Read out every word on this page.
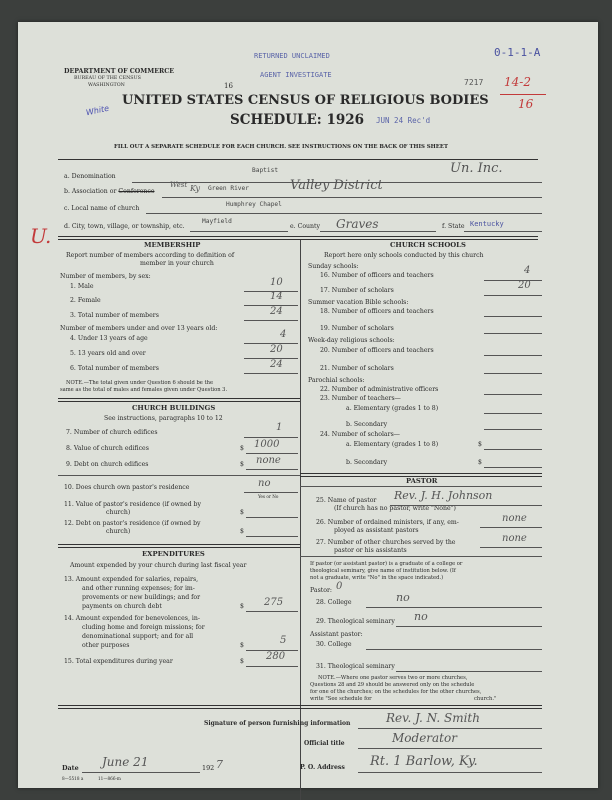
DEPARTMENT OF COMMERCE
BUREAU OF THE CENSUS
WASHINGTON	16
RETURNED UNCLAIMED
AGENT INVESTIGATE
7217
0-1-1-A
14-2
16
White
UNITED STATES CENSUS OF RELIGIOUS BODIES
SCHEDULE: 1926 JUN 24 Rec'd
FILL OUT A SEPARATE SCHEDULE FOR EACH CHURCH. SEE INSTRUCTIONS ON THE BACK OF THIS SHEET
a. Denomination
Baptist	Un. Inc.
b. Association or Conference
West Ky Green River	Valley District
c. Local name of church
Humphrey Chapel
d. City, town, village, or township, etc.
Mayfield
e. County Graves	f. State Kentucky
U.	MEMBERSHIP
Report number of members according to definition of
member in your church
Number of members, by sex:
1. Male	10
2. Female	14
3. Total number of members	24
Number of members under and over 13 years old:
4. Under 13 years of age	4
5. 13 years old and over	20
6. Total number of members	24
NOTE.—The total given under Question 6 should be the
same as the total of males and females given under Question 3.
CHURCH BUILDINGS
See instructions, paragraphs 10 to 12
7. Number of church edifices	1
8. Value of church edifices	$ 1000
9. Debt on church edifices	$ none
10. Does church own pastor's residence	no
Yes or No
11. Value of pastor's residence (if owned by
church)	$
12. Debt on pastor's residence (if owned by
church)	$
EXPENDITURES
Amount expended by your church during last fiscal year
13. Amount expended for salaries, repairs,
and other running expenses; for im-
provements or new buildings; and for
payments on church debt	$ 275
14. Amount expended for benevolences, in-
cluding home and foreign missions; for
denominational support; and for all
other purposes	$	5
15. Total expenditures during year	$ 280
CHURCH SCHOOLS
Report here only schools conducted by this church
Sunday schools:
16. Number of officers and teachers	4
17. Number of scholars	20
Summer vacation Bible schools:
18. Number of officers and teachers
19. Number of scholars
Week-day religious schools:
20. Number of officers and teachers
21. Number of scholars
Parochial schools:
22. Number of administrative officers
23. Number of teachers—
a. Elementary (grades 1 to 8)
b. Secondary
24. Number of scholars—
a. Elementary (grades 1 to 8)	$
b. Secondary	$
PASTOR
25. Name of pastor
(If church has no pastor, write "None")
Rev. J. H. Johnson
26. Number of ordained ministers, if any, em-
ployed as assistant pastors
none
27. Number of other churches served by the
pastor or his assistants
none
If pastor (or assistant pastor) is a graduate of a college or
theological seminary, give name of institution below. (If
not a graduate, write "No" in the space indicated.)
Pastor: 0
28. College	no
29. Theological seminary no
Assistant pastor:
30. College
31. Theological seminary
NOTE.—Where one pastor serves two or more churches,
Questions 28 and 29 should be answered only on the schedule
for one of the churches; on the schedules for the other churches,
write "See schedule for	church."
Signature of person furnishing information	Rev. J. N. Smith
Official title	Moderator
Date June 21	192 7	P. O. Address Rt. 1 Barlow, Ky.
8—5518 a	11—866-m
